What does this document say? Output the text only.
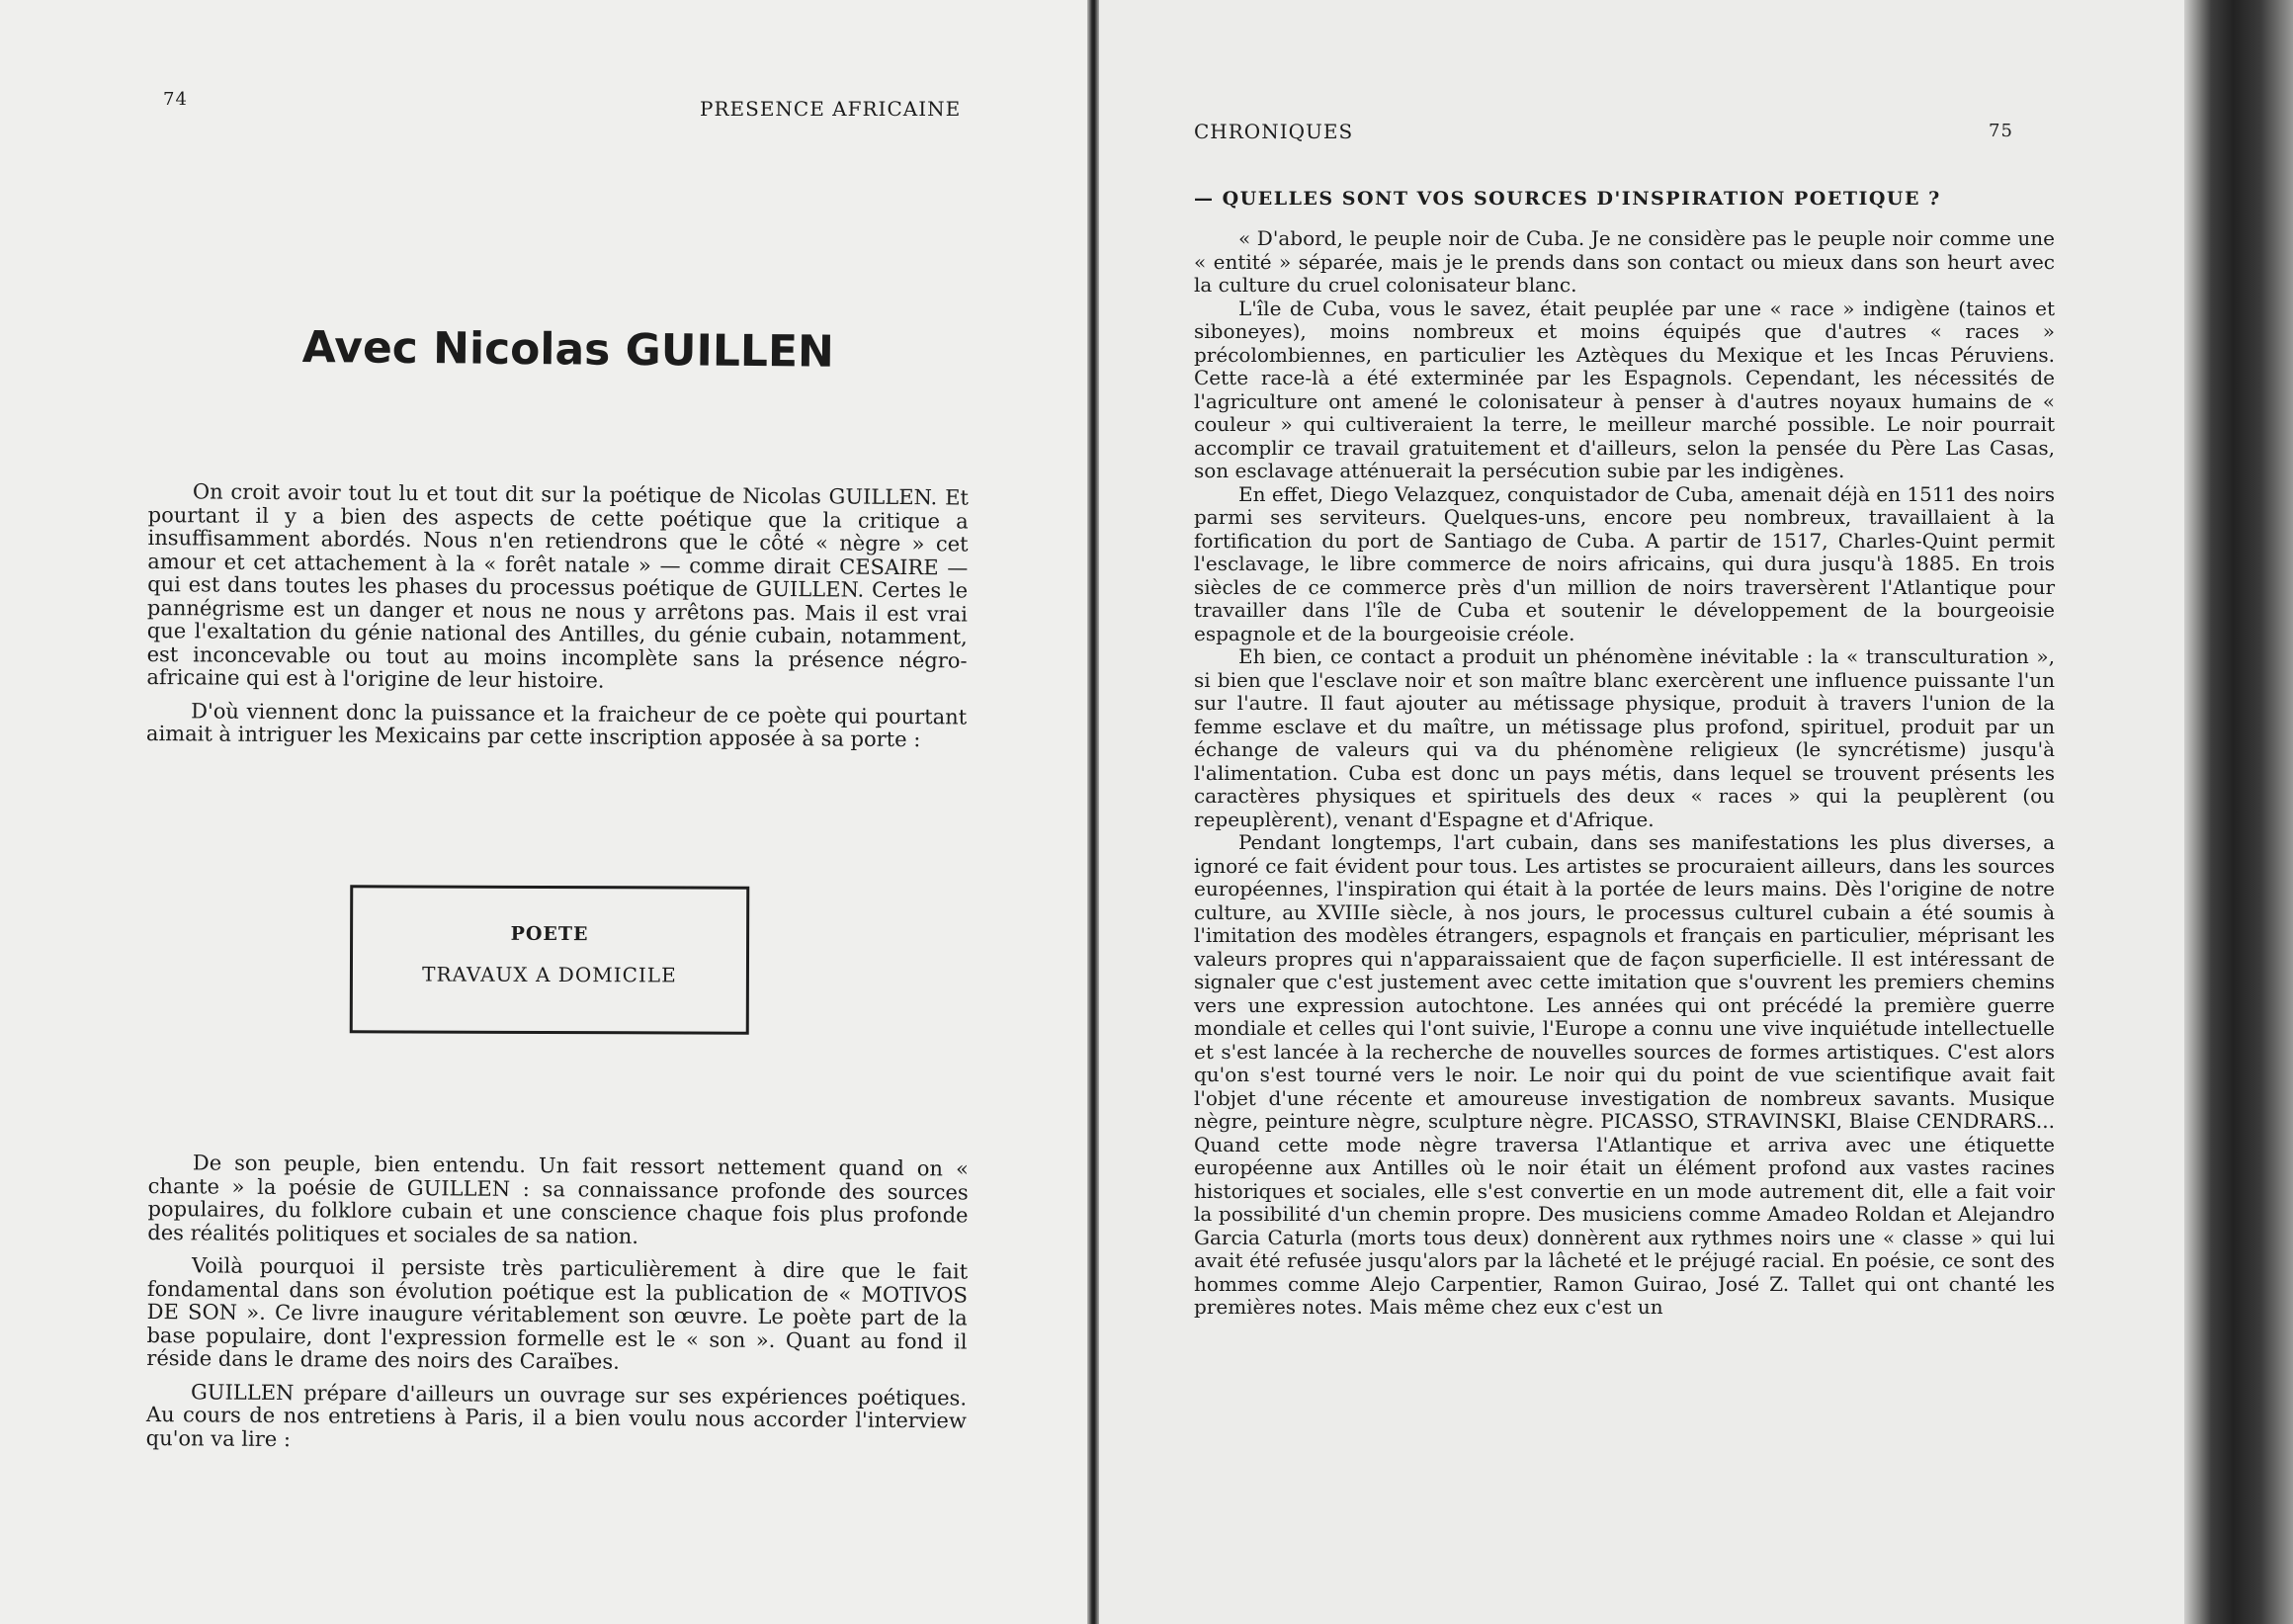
74	PRESENCE AFRICAINE
Avec Nicolas GUILLEN

On croit avoir tout lu et tout dit sur la poétique de Nicolas GUILLEN. Et pourtant il y a bien des aspects de cette poétique que la critique a insuffisamment abordés. Nous n'en retiendrons que le côté « nègre » cet amour et cet attachement à la « forêt natale » — comme dirait CESAIRE — qui est dans toutes les phases du processus poétique de GUILLEN. Certes le pannégrisme est un danger et nous ne nous y arrêtons pas. Mais il est vrai que l'exaltation du génie national des Antilles, du génie cubain, notamment, est inconcevable ou tout au moins incomplète sans la présence négro-africaine qui est à l'origine de leur histoire.

D'où viennent donc la puissance et la fraicheur de ce poète qui pourtant aimait à intriguer les Mexicains par cette inscription apposée à sa porte :

POETE
TRAVAUX A DOMICILE

De son peuple, bien entendu. Un fait ressort nettement quand on « chante » la poésie de GUILLEN : sa connaissance profonde des sources populaires, du folklore cubain et une conscience chaque fois plus profonde des réalités politiques et sociales de sa nation.

Voilà pourquoi il persiste très particulièrement à dire que le fait fondamental dans son évolution poétique est la publication de « MOTIVOS DE SON ». Ce livre inaugure véritablement son œuvre. Le poète part de la base populaire, dont l'expression formelle est le « son ». Quant au fond il réside dans le drame des noirs des Caraïbes.

GUILLEN prépare d'ailleurs un ouvrage sur ses expériences poétiques. Au cours de nos entretiens à Paris, il a bien voulu nous accorder l'interview qu'on va lire :

CHRONIQUES	75
— QUELLES SONT VOS SOURCES D'INSPIRATION POETIQUE ?

« D'abord, le peuple noir de Cuba. Je ne considère pas le peuple noir comme une « entité » séparée, mais je le prends dans son contact ou mieux dans son heurt avec la culture du cruel colonisateur blanc.

L'île de Cuba, vous le savez, était peuplée par une « race » indigène (tainos et siboneyes), moins nombreux et moins équipés que d'autres « races » précolombiennes, en particulier les Aztèques du Mexique et les Incas Péruviens. Cette race-là a été exterminée par les Espagnols. Cependant, les nécessités de l'agriculture ont amené le colonisateur à penser à d'autres noyaux humains de « couleur » qui cultiveraient la terre, le meilleur marché possible. Le noir pourrait accomplir ce travail gratuitement et d'ailleurs, selon la pensée du Père Las Casas, son esclavage atténuerait la persécution subie par les indigènes.

En effet, Diego Velazquez, conquistador de Cuba, amenait déjà en 1511 des noirs parmi ses serviteurs. Quelques-uns, encore peu nombreux, travaillaient à la fortification du port de Santiago de Cuba. A partir de 1517, Charles-Quint permit l'esclavage, le libre commerce de noirs africains, qui dura jusqu'à 1885. En trois siècles de ce commerce près d'un million de noirs traversèrent l'Atlantique pour travailler dans l'île de Cuba et soutenir le développement de la bourgeoisie espagnole et de la bourgeoisie créole.

Eh bien, ce contact a produit un phénomène inévitable : la « transculturation », si bien que l'esclave noir et son maître blanc exercèrent une influence puissante l'un sur l'autre. Il faut ajouter au métissage physique, produit à travers l'union de la femme esclave et du maître, un métissage plus profond, spirituel, produit par un échange de valeurs qui va du phénomène religieux (le syncrétisme) jusqu'à l'alimentation. Cuba est donc un pays métis, dans lequel se trouvent présents les caractères physiques et spirituels des deux « races » qui la peuplèrent (ou repeuplèrent), venant d'Espagne et d'Afrique.

Pendant longtemps, l'art cubain, dans ses manifestations les plus diverses, a ignoré ce fait évident pour tous. Les artistes se procuraient ailleurs, dans les sources européennes, l'inspiration qui était à la portée de leurs mains. Dès l'origine de notre culture, au XVIIIe siècle, à nos jours, le processus culturel cubain a été soumis à l'imitation des modèles étrangers, espagnols et français en particulier, méprisant les valeurs propres qui n'apparaissaient que de façon superficielle. Il est intéressant de signaler que c'est justement avec cette imitation que s'ouvrent les premiers chemins vers une expression autochtone. Les années qui ont précédé la première guerre mondiale et celles qui l'ont suivie, l'Europe a connu une vive inquiétude intellectuelle et s'est lancée à la recherche de nouvelles sources de formes artistiques. C'est alors qu'on s'est tourné vers le noir. Le noir qui du point de vue scientifique avait fait l'objet d'une récente et amoureuse investigation de nombreux savants. Musique nègre, peinture nègre, sculpture nègre. PICASSO, STRAVINSKI, Blaise CENDRARS... Quand cette mode nègre traversa l'Atlantique et arriva avec une étiquette européenne aux Antilles où le noir était un élément profond aux vastes racines historiques et sociales, elle s'est convertie en un mode autrement dit, elle a fait voir la possibilité d'un chemin propre. Des musiciens comme Amadeo Roldan et Alejandro Garcia Caturla (morts tous deux) donnèrent aux rythmes noirs une « classe » qui lui avait été refusée jusqu'alors par la lâcheté et le préjugé racial. En poésie, ce sont des hommes comme Alejo Carpentier, Ramon Guirao, José Z. Tallet qui ont chanté les premières notes. Mais même chez eux c'est un
